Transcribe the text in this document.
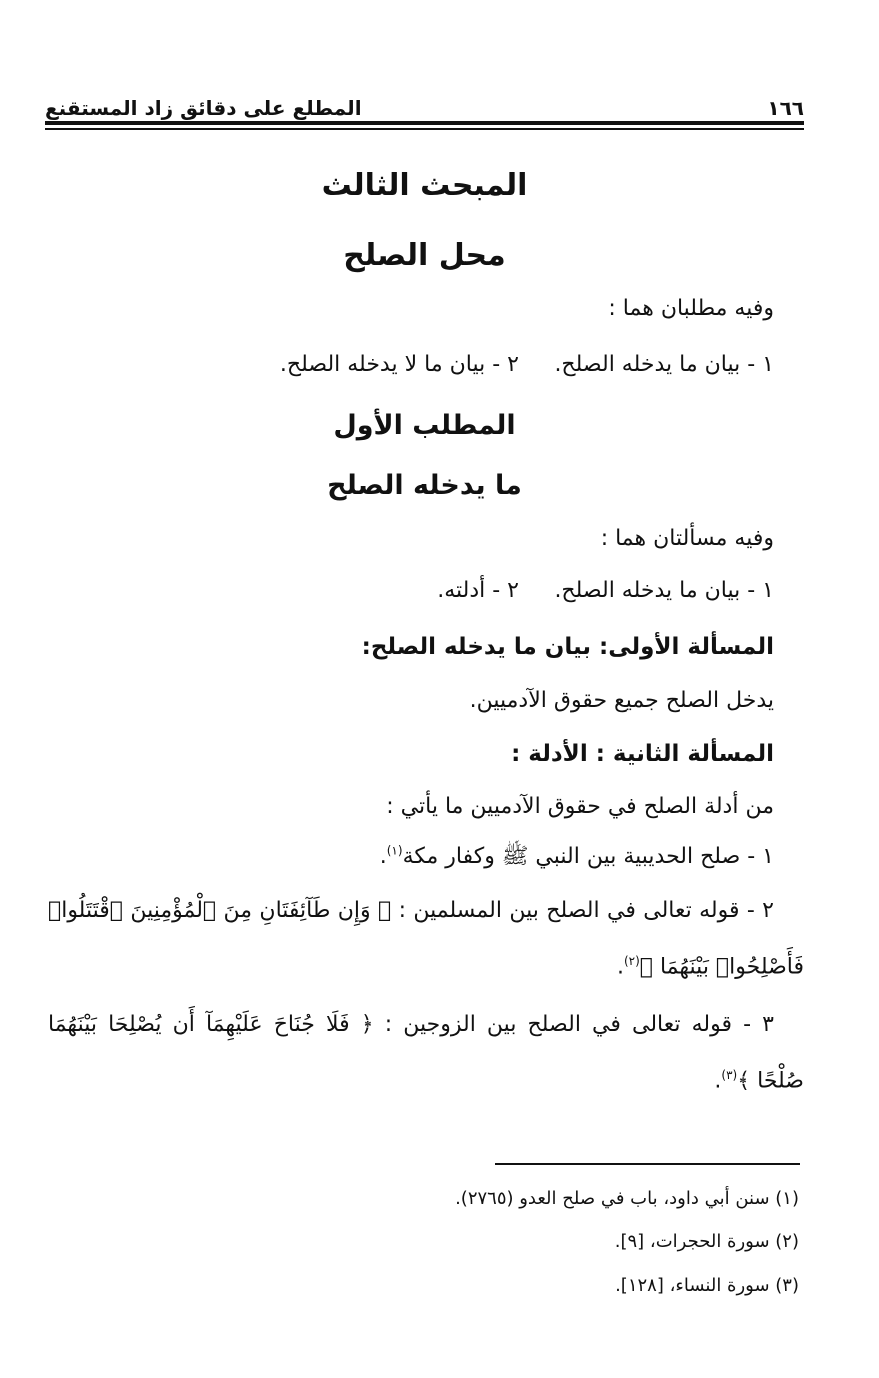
١٦٦
المطلع على دقائق زاد المستقنع
المبحث الثالث
محل الصلح
وفيه مطلبان هما :
١ - بيان ما يدخله الصلح.
٢ - بيان ما لا يدخله الصلح.
المطلب الأول
ما يدخله الصلح
وفيه مسألتان هما :
١ - بيان ما يدخله الصلح.
٢ - أدلته.
المسألة الأولى: بيان ما يدخله الصلح:
يدخل الصلح جميع حقوق الآدميين.
المسألة الثانية : الأدلة :
من أدلة الصلح في حقوق الآدميين ما يأتي :
١ - صلح الحديبية بين النبي ﷺ وكفار مكة$^{(١)}$.
٢ - قوله تعالى في الصلح بين المسلمين : ﴿ وَإِن طَآئِفَتَانِ مِنَ ٱلْمُؤْمِنِينَ ٱقْتَتَلُوا۟
فَأَصْلِحُوا۟ بَيْنَهُمَا ﴾$^{(٢)}$.
٣ - قوله تعالى في الصلح بين الزوجين : ﴿ فَلَا جُنَاحَ عَلَيْهِمَآ أَن يُصْلِحَا بَيْنَهُمَا
صُلْحًا ﴾$^{(٣)}$.
(١) سنن أبي داود، باب في صلح العدو (٢٧٦٥).
(٢) سورة الحجرات، [٩].
(٣) سورة النساء، [١٢٨].
